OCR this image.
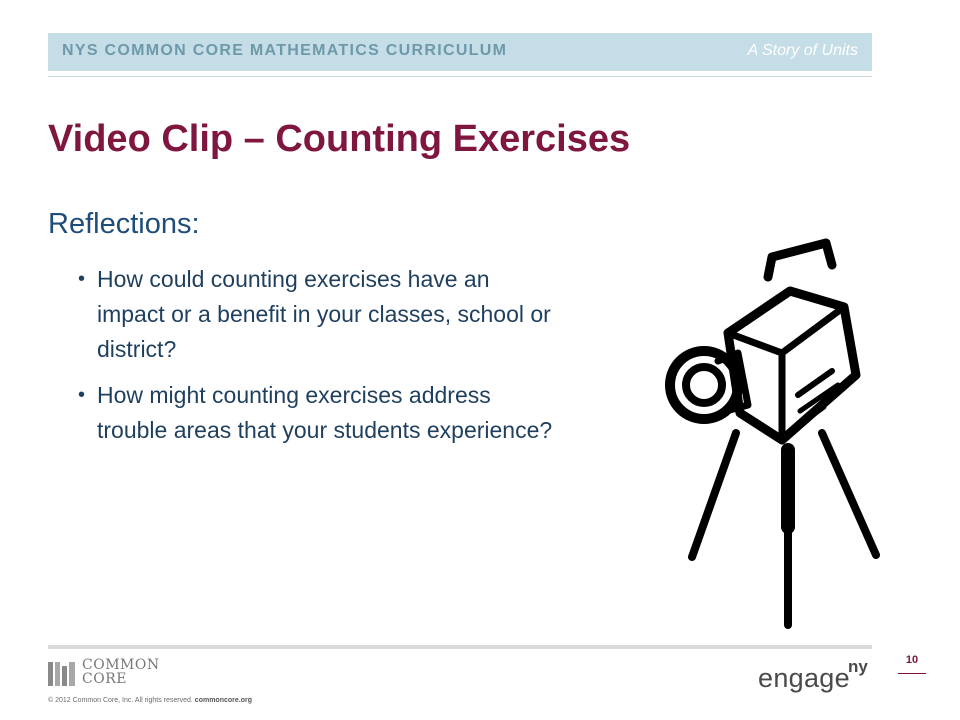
NYS COMMON CORE MATHEMATICS CURRICULUM	A Story of Units
Video Clip – Counting Exercises
Reflections:
• How could counting exercises have an impact or a benefit in your classes, school or district?
• How might counting exercises address trouble areas that your students experience?
COMMON
CORE
© 2012 Common Core, Inc. All rights reserved. commoncore.org
engage
ny	10
